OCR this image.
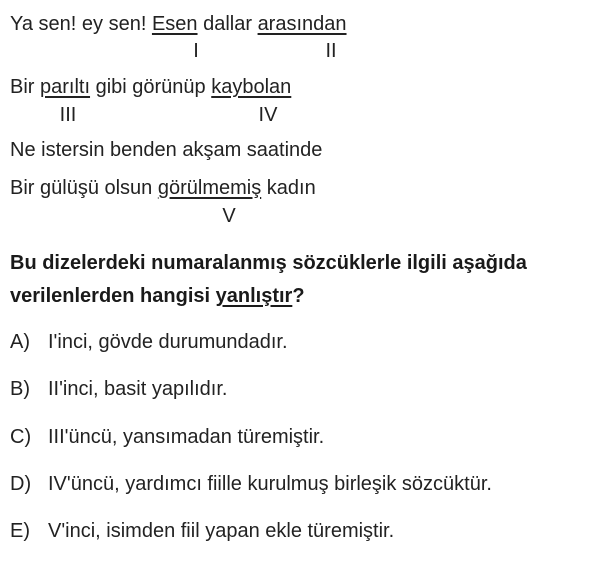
Ya sen! ey sen! Esen dallar arasından
I	II
Bir parıltı gibi görünüp kaybolan
III	IV
Ne istersin benden akşam saatinde
Bir gülüşü olsun görülmemiş kadın
V
Bu dizelerdeki numaralanmış sözcüklerle ilgili aşağıda
verilenlerden hangisi yanlıştır?
A) I'inci, gövde durumundadır.
B) II'inci, basit yapılıdır.
C) III'üncü, yansımadan türemiştir.
D) IV'üncü, yardımcı fiille kurulmuş birleşik sözcüktür.
E) V'inci, isimden fiil yapan ekle türemiştir.
